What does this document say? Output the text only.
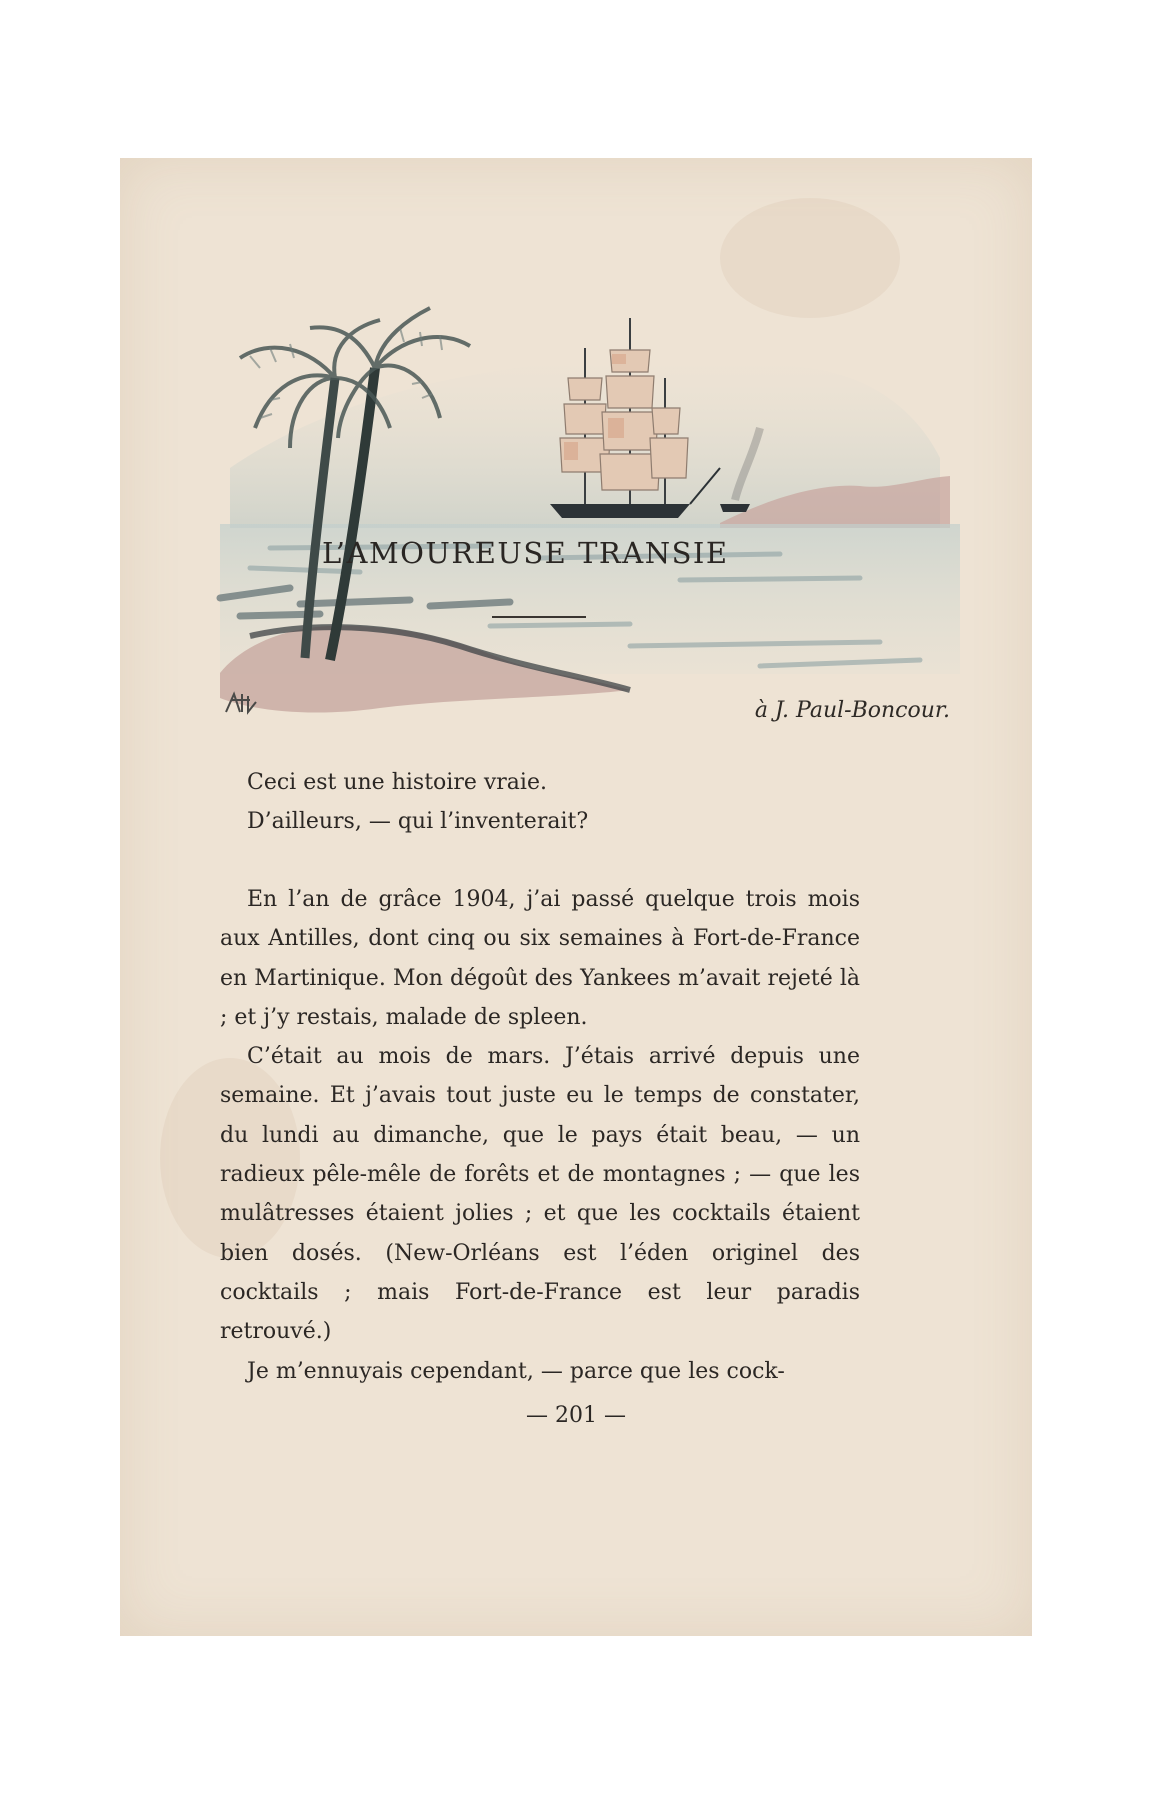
L’AMOUREUSE TRANSIE
à J. Paul-Boncour.

Ceci est une histoire vraie.

D’ailleurs, — qui l’inventerait?

En l’an de grâce 1904, j’ai passé quelque trois mois aux Antilles, dont cinq ou six semaines à Fort-de-France en Martinique. Mon dégoût des Yankees m’avait rejeté là ; et j’y restais, malade de spleen.

C’était au mois de mars. J’étais arrivé depuis une semaine. Et j’avais tout juste eu le temps de constater, du lundi au dimanche, que le pays était beau, — un radieux pêle-mêle de forêts et de montagnes ; — que les mulâtresses étaient jolies ; et que les cocktails étaient bien dosés. (New-Orléans est l’éden originel des cocktails ; mais Fort-de-France est leur paradis retrouvé.)

Je m’ennuyais cependant, — parce que les cock-

— 201 —
